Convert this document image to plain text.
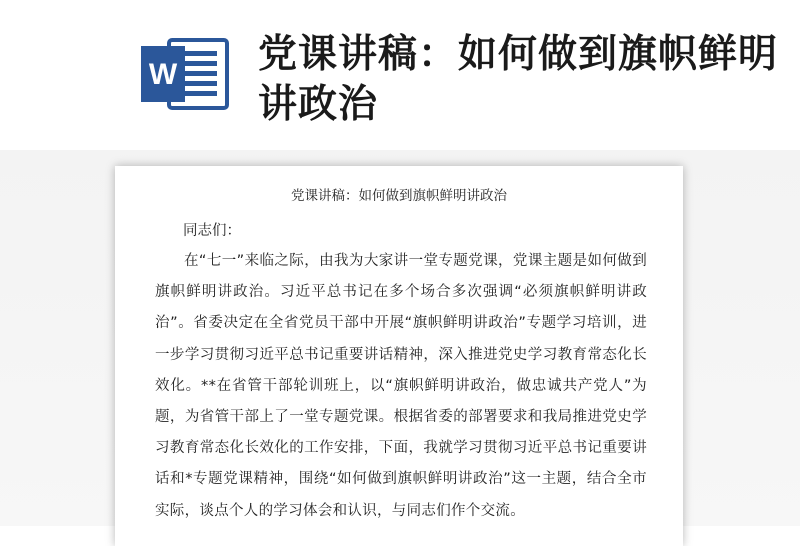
W 党课讲稿：如何做到旗帜鲜明讲政治
党课讲稿：如何做到旗帜鲜明讲政治
同志们：

在“七一”来临之际，由我为大家讲一堂专题党课，党课主题是如何做到旗帜鲜明讲政治。习近平总书记在多个场合多次强调“必须旗帜鲜明讲政治”。省委决定在全省党员干部中开展“旗帜鲜明讲政治”专题学习培训，进一步学习贯彻习近平总书记重要讲话精神，深入推进党史学习教育常态化长效化。**在省管干部轮训班上，以“旗帜鲜明讲政治，做忠诚共产党人”为题，为省管干部上了一堂专题党课。根据省委的部署要求和我局推进党史学习教育常态化长效化的工作安排，下面，我就学习贯彻习近平总书记重要讲话和*专题党课精神，围绕“如何做到旗帜鲜明讲政治”这一主题，结合全市实际，谈点个人的学习体会和认识，与同志们作个交流。
